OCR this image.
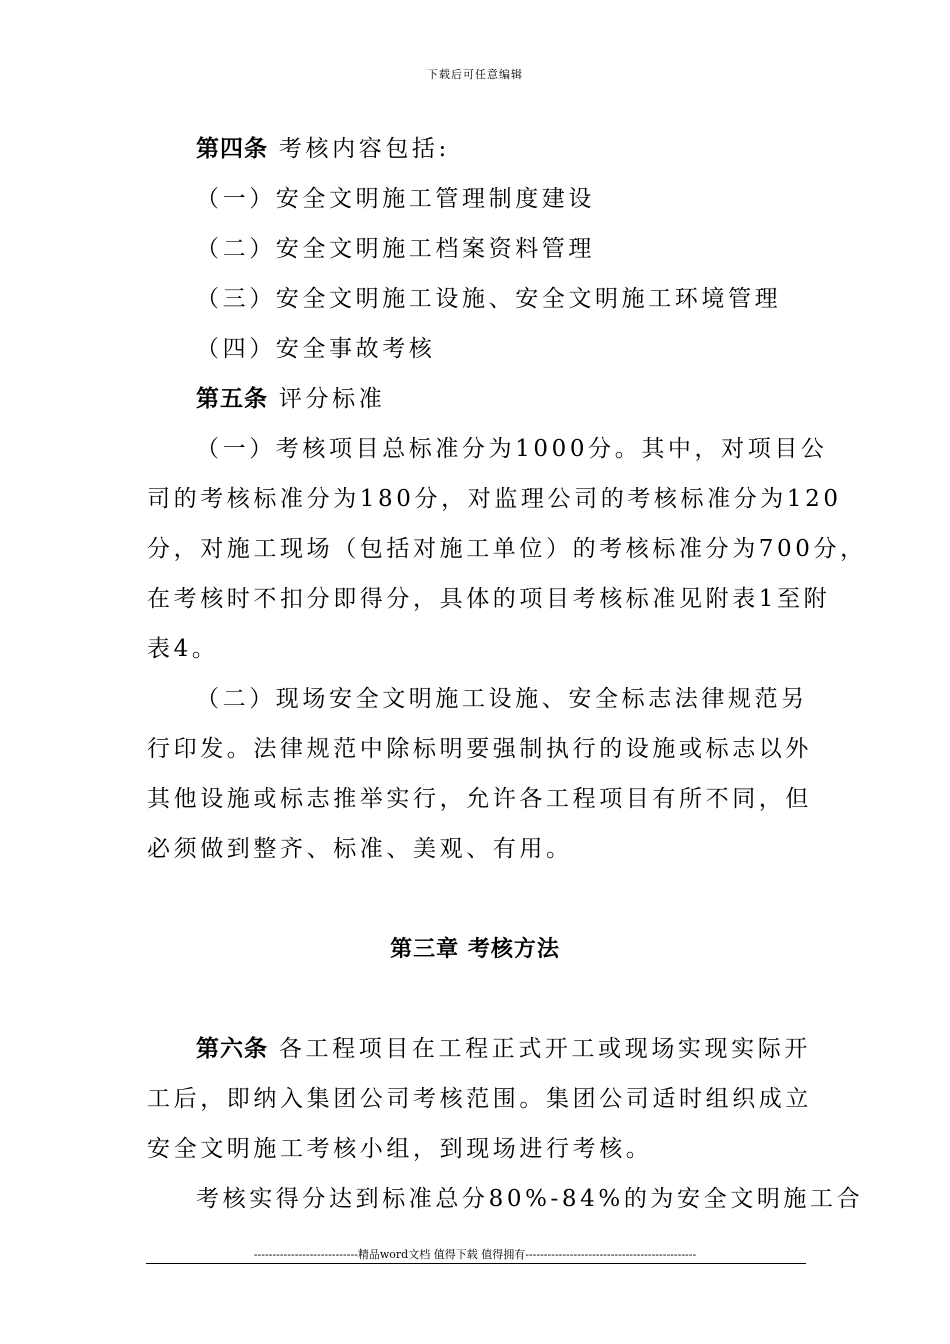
下载后可任意编辑
第四条 考核内容包括:
（一）安全文明施工管理制度建设
（二）安全文明施工档案资料管理
（三）安全文明施工设施、安全文明施工环境管理
（四）安全事故考核
第五条 评分标准
（一）考核项目总标准分为1000分。其中，对项目公
司的考核标准分为180分，对监理公司的考核标准分为120
分，对施工现场（包括对施工单位）的考核标准分为700分，
在考核时不扣分即得分，具体的项目考核标准见附表1至附
表4。
（二）现场安全文明施工设施、安全标志法律规范另
行印发。法律规范中除标明要强制执行的设施或标志以外
其他设施或标志推举实行，允许各工程项目有所不同，但
必须做到整齐、标准、美观、有用。
第三章 考核方法
第六条 各工程项目在工程正式开工或现场实现实际开
工后，即纳入集团公司考核范围。集团公司适时组织成立
安全文明施工考核小组，到现场进行考核。
考核实得分达到标准总分80%-84%的为安全文明施工合
----------------------------精品word文档 值得下载 值得拥有----------------------------------------------
